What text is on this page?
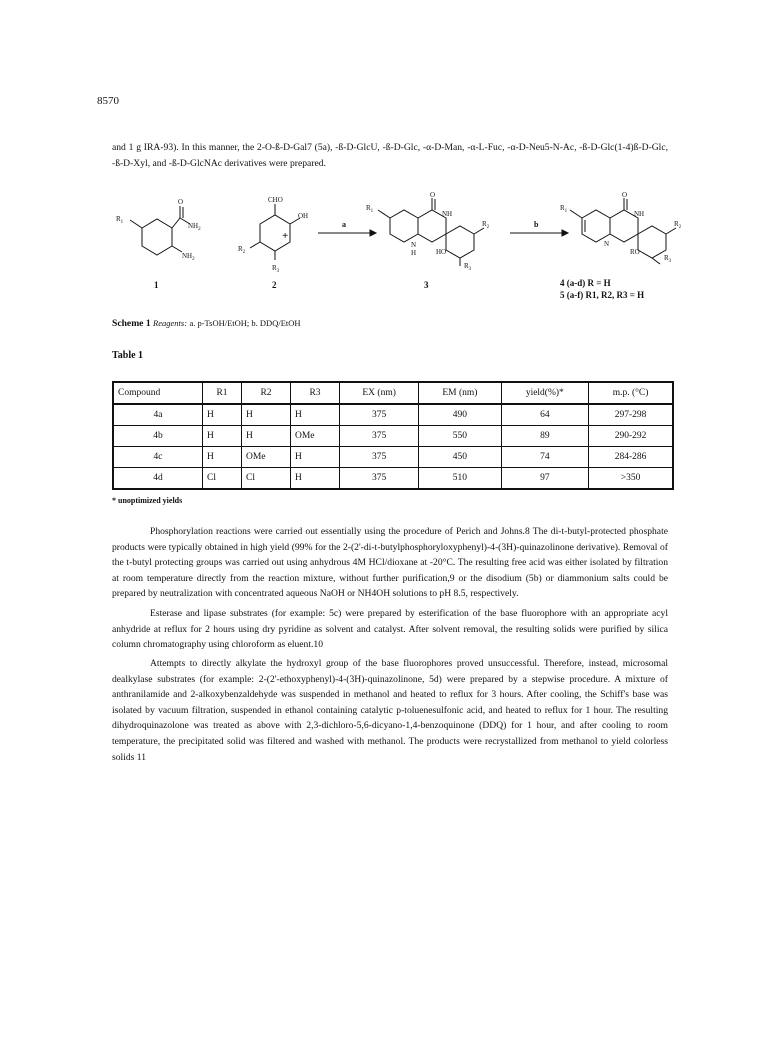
8570

and 1 g IRA-93). In this manner, the 2-O-ß-D-Gal7 (5a), -ß-D-GlcU, -ß-D-Glc, -α-D-Man, -α-L-Fuc, -α-D-Neu5-N-Ac, -ß-D-Glc(1-4)ß-D-Glc, -ß-D-Xyl, and -ß-D-GlcNAc derivatives were prepared.

$R_1$	$NH_2$
$NH_2$
O	CHO
OH
$R_2$
$R_3$
O
$R_1$	NH
N
H	HO
$R_2$
$R_3$
O
$R_1$	NH
N
RO
$R_2$
$R_3$
+
a	b
1	2	3	4 (a-d) R = H
5 (a-f) R1, R2, R3 = H
Scheme 1 Reagents: a. p-TsOH/EtOH; b. DDQ/EtOH
Table 1
Compound	R1	R2	R3	EX (nm)	EM (nm)	yield(%)*	m.p. (°C)
4a	H	H	H	375	490	64	297-298
4b	H	H	OMe	375	550	89	290-292
4c	H	OMe	H	375	450	74	284-286
4d	Cl	Cl	H	375	510	97	>350
* unoptimized yields

Phosphorylation reactions were carried out essentially using the procedure of Perich and Johns.8 The di-t-butyl-protected phosphate products were typically obtained in high yield (99% for the 2-(2'-di-t-butylphosphoryloxyphenyl)-4-(3H)-quinazolinone derivative). Removal of the t-butyl protecting groups was carried out using anhydrous 4M HCl/dioxane at -20°C. The resulting free acid was either isolated by filtration at room temperature directly from the reaction mixture, without further purification,9 or the disodium (5b) or diammonium salts could be prepared by neutralization with concentrated aqueous NaOH or NH4OH solutions to pH 8.5, respectively.

Esterase and lipase substrates (for example: 5c) were prepared by esterification of the base fluorophore with an appropriate acyl anhydride at reflux for 2 hours using dry pyridine as solvent and catalyst. After solvent removal, the resulting solids were purified by silica column chromatography using chloroform as eluent.10

Attempts to directly alkylate the hydroxyl group of the base fluorophores proved unsuccessful. Therefore, instead, microsomal dealkylase substrates (for example: 2-(2'-ethoxyphenyl)-4-(3H)-quinazolinone, 5d) were prepared by a stepwise procedure. A mixture of anthranilamide and 2-alkoxybenzaldehyde was suspended in methanol and heated to reflux for 3 hours. After cooling, the Schiff's base was isolated by vacuum filtration, suspended in ethanol containing catalytic p-toluenesulfonic acid, and heated to reflux for 1 hour. The resulting dihydroquinazolone was treated as above with 2,3-dichloro-5,6-dicyano-1,4-benzoquinone (DDQ) for 1 hour, and after cooling to room temperature, the precipitated solid was filtered and washed with methanol. The products were recrystallized from methanol to yield colorless solids 11
